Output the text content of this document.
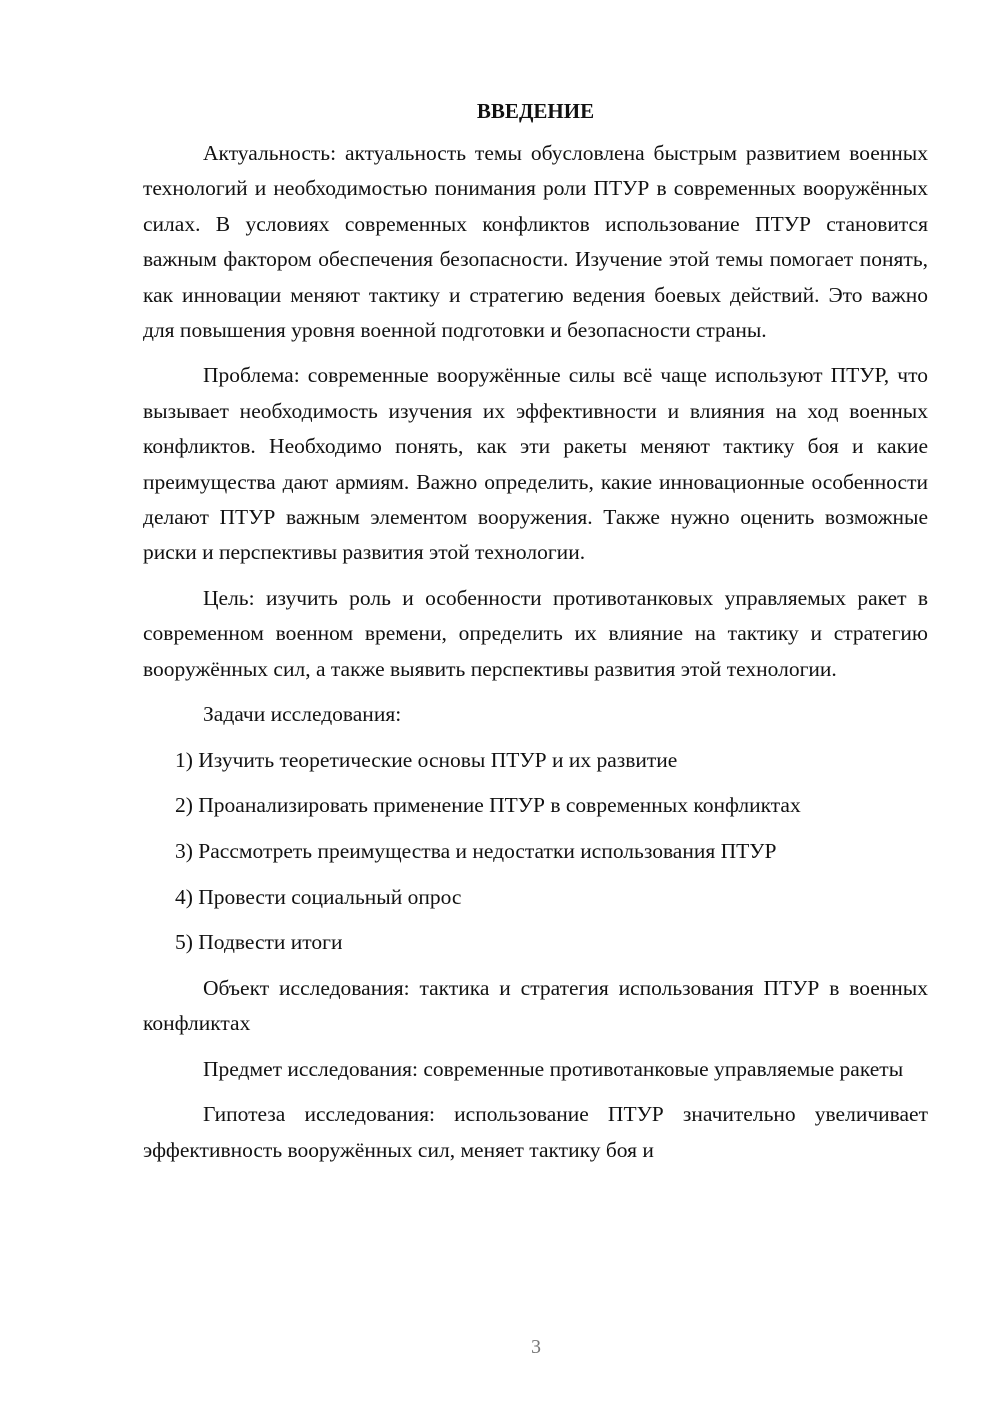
ВВЕДЕНИЕ

Актуальность: актуальность темы обусловлена быстрым развитием военных технологий и необходимостью понимания роли ПТУР в современных вооружённых силах. В условиях современных конфликтов использование ПТУР становится важным фактором обеспечения безопасности. Изучение этой темы помогает понять, как инновации меняют тактику и стратегию ведения боевых действий. Это важно для повышения уровня военной подготовки и безопасности страны.

Проблема: современные вооружённые силы всё чаще используют ПТУР, что вызывает необходимость изучения их эффективности и влияния на ход военных конфликтов. Необходимо понять, как эти ракеты меняют тактику боя и какие преимущества дают армиям. Важно определить, какие инновационные особенности делают ПТУР важным элементом вооружения. Также нужно оценить возможные риски и перспективы развития этой технологии.

Цель: изучить роль и особенности противотанковых управляемых ракет в современном военном времени, определить их влияние на тактику и стратегию вооружённых сил, а также выявить перспективы развития этой технологии.

Задачи исследования:

1) Изучить теоретические основы ПТУР и их развитие
2) Проанализировать применение ПТУР в современных конфликтах
3) Рассмотреть преимущества и недостатки использования ПТУР
4) Провести социальный опрос
5) Подвести итоги

Объект исследования: тактика и стратегия использования ПТУР в военных конфликтах

Предмет исследования: современные противотанковые управляемые ракеты

Гипотеза исследования: использование ПТУР значительно увеличивает эффективность вооружённых сил, меняет тактику боя и

3
